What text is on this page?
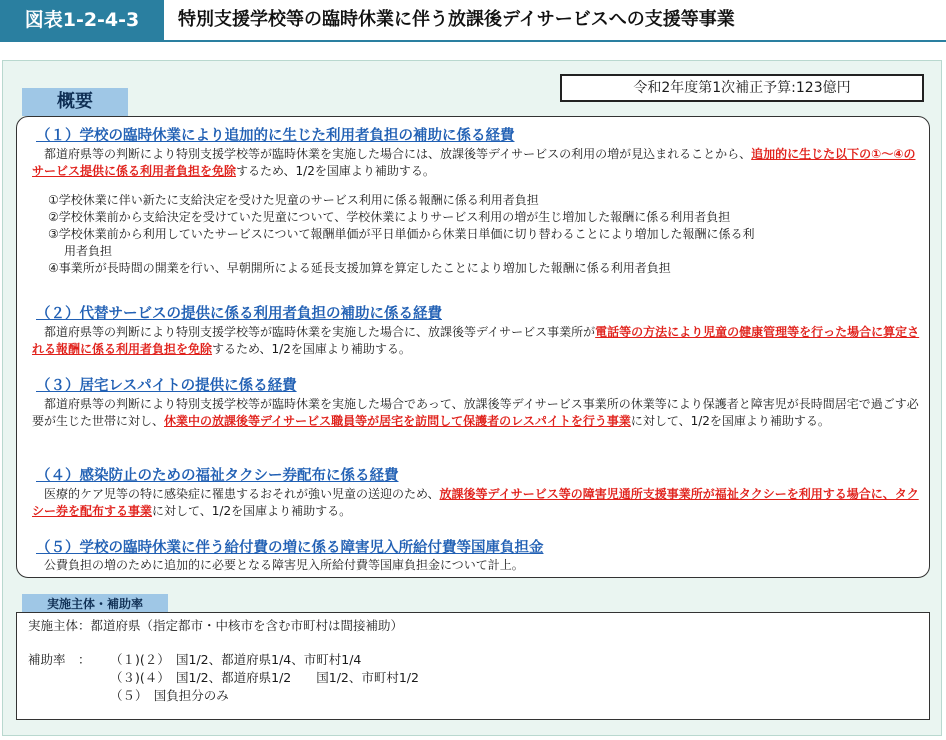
図表1-2-4-3	特別支援学校等の臨時休業に伴う放課後デイサービスへの支援等事業
令和2年度第1次補正予算:123億円
概要
（１）学校の臨時休業により追加的に生じた利用者負担の補助に係る経費
　都道府県等の判断により特別支援学校等が臨時休業を実施した場合には、放課後等デイサービスの利用の増が見込まれることから、追加的に生じた以下の①～④のサービス提供に係る利用者負担を免除するため、1/2を国庫より補助する。
①学校休業に伴い新たに支給決定を受けた児童のサービス利用に係る報酬に係る利用者負担
②学校休業前から支給決定を受けていた児童について、学校休業によりサービス利用の増が生じ増加した報酬に係る利用者負担
③学校休業前から利用していたサービスについて報酬単価が平日単価から休業日単価に切り替わることにより増加した報酬に係る利
用者負担
④事業所が長時間の開業を行い、早朝開所による延長支援加算を算定したことにより増加した報酬に係る利用者負担
（２）代替サービスの提供に係る利用者負担の補助に係る経費
　都道府県等の判断により特別支援学校等が臨時休業を実施した場合に、放課後等デイサービス事業所が電話等の方法により児童の健康管理等を行った場合に算定される報酬に係る利用者負担を免除するため、1/2を国庫より補助する。
（３）居宅レスパイトの提供に係る経費
　都道府県等の判断により特別支援学校等が臨時休業を実施した場合であって、放課後等デイサービス事業所の休業等により保護者と障害児が長時間居宅で過ごす必要が生じた世帯に対し、休業中の放課後等デイサービス職員等が居宅を訪問して保護者のレスパイトを行う事業に対して、1/2を国庫より補助する。
（４）感染防止のための福祉タクシー券配布に係る経費
　医療的ケア児等の特に感染症に罹患するおそれが強い児童の送迎のため、放課後等デイサービス等の障害児通所支援事業所が福祉タクシーを利用する場合に、タクシー券を配布する事業に対して、1/2を国庫より補助する。
（５）学校の臨時休業に伴う給付費の増に係る障害児入所給付費等国庫負担金
　公費負担の増のために追加的に必要となる障害児入所給付費等国庫負担金について計上。
実施主体・補助率
実施主体：都道府県（指定都市・中核市を含む市町村は間接補助）
補助率　： （１)(２）　国1/2、都道府県1/4、市町村1/4
（３)(４）　国1/2、都道府県1/2　　国1/2、市町村1/2
（５）　国負担分のみ
